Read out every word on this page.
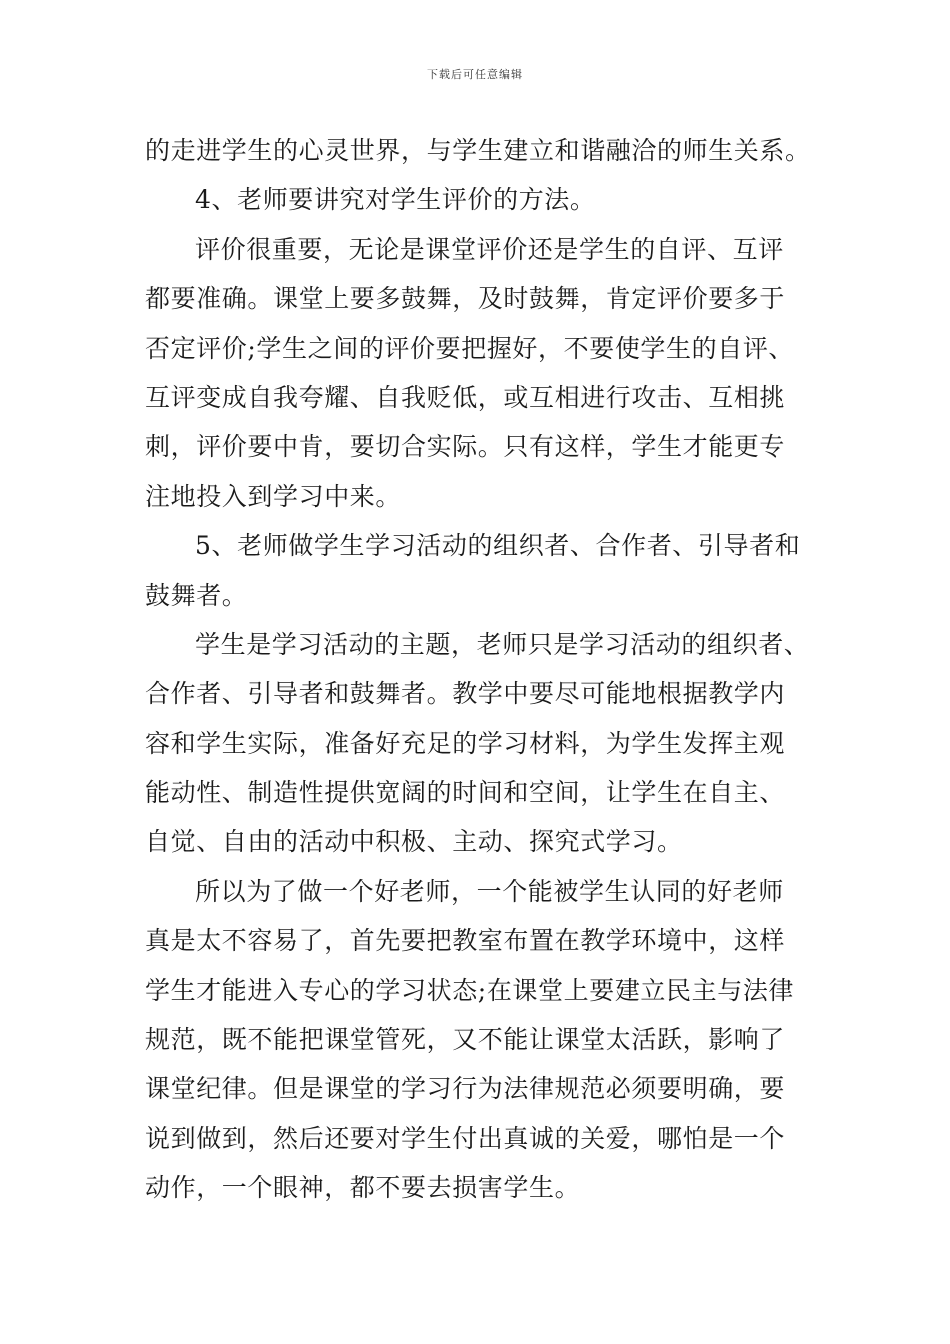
下载后可任意编辑
的走进学生的心灵世界，与学生建立和谐融洽的师生关系。
4、老师要讲究对学生评价的方法。
评价很重要，无论是课堂评价还是学生的自评、互评
都要准确。课堂上要多鼓舞，及时鼓舞，肯定评价要多于
否定评价;学生之间的评价要把握好，不要使学生的自评、
互评变成自我夸耀、自我贬低，或互相进行攻击、互相挑
刺，评价要中肯，要切合实际。只有这样，学生才能更专
注地投入到学习中来。
5、老师做学生学习活动的组织者、合作者、引导者和
鼓舞者。
学生是学习活动的主题，老师只是学习活动的组织者、
合作者、引导者和鼓舞者。教学中要尽可能地根据教学内
容和学生实际，准备好充足的学习材料，为学生发挥主观
能动性、制造性提供宽阔的时间和空间，让学生在自主、
自觉、自由的活动中积极、主动、探究式学习。
所以为了做一个好老师，一个能被学生认同的好老师
真是太不容易了，首先要把教室布置在教学环境中，这样
学生才能进入专心的学习状态;在课堂上要建立民主与法律
规范，既不能把课堂管死，又不能让课堂太活跃，影响了
课堂纪律。但是课堂的学习行为法律规范必须要明确，要
说到做到，然后还要对学生付出真诚的关爱，哪怕是一个
动作，一个眼神，都不要去损害学生。
